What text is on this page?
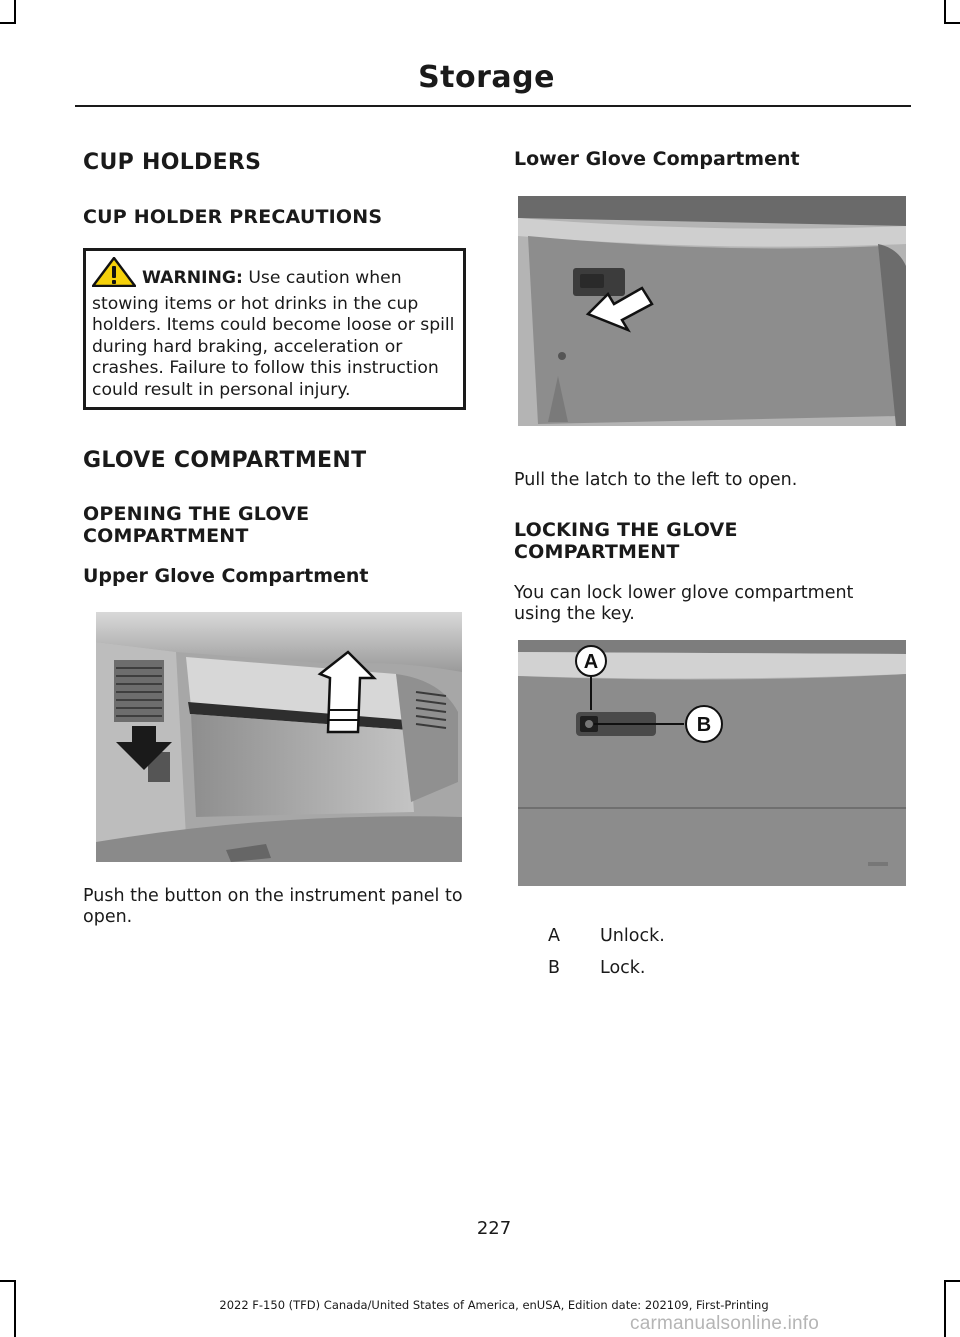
Storage
CUP HOLDERS
CUP HOLDER PRECAUTIONS
WARNING: Use caution when stowing items or hot drinks in the cup holders. Items could become loose or spill during hard braking, acceleration or crashes. Failure to follow this instruction could result in personal injury.
GLOVE COMPARTMENT
OPENING THE GLOVE
COMPARTMENT
Upper Glove Compartment

Push the button on the instrument panel to open.

Lower Glove Compartment

Pull the latch to the left to open.

LOCKING THE GLOVE
COMPARTMENT

You can lock lower glove compartment using the key.

A
B
A Unlock.
B Lock.
227
2022 F-150 (TFD) Canada/United States of America, enUSA, Edition date: 202109, First-Printing
carmanualsonline.info
